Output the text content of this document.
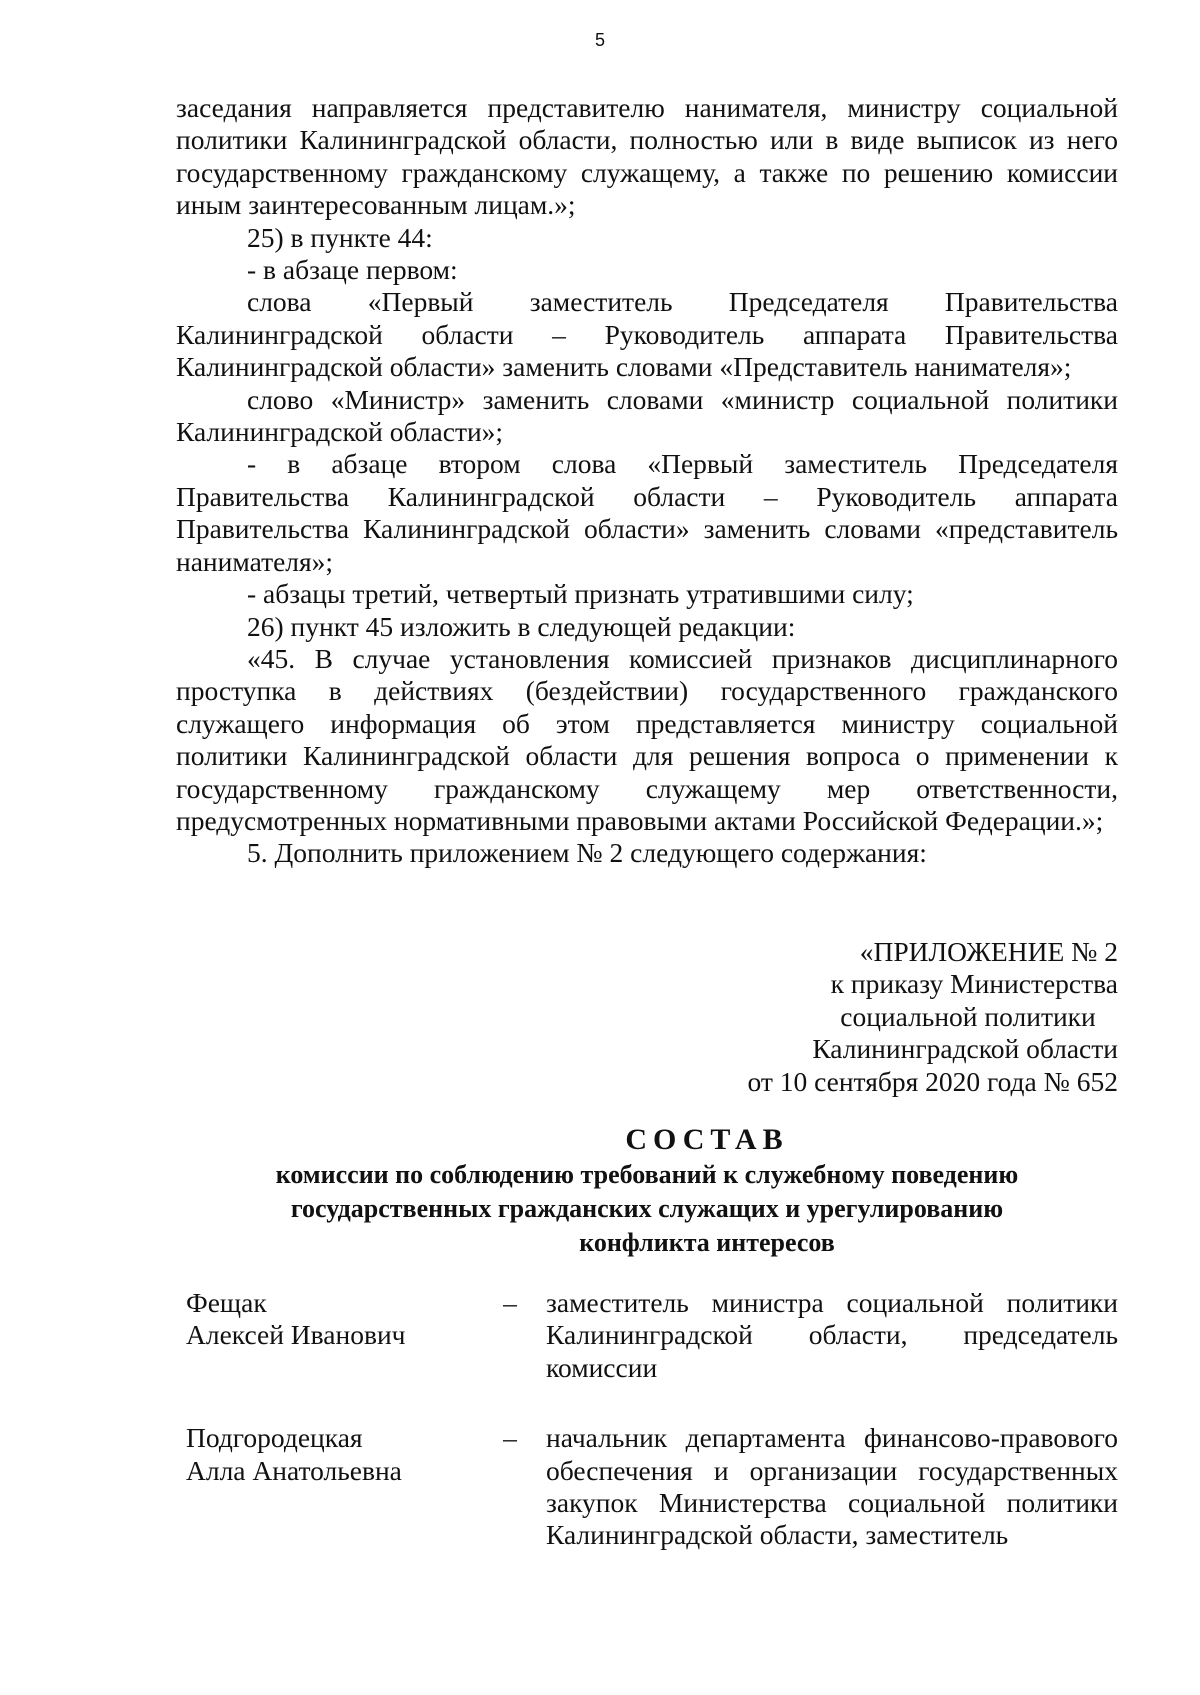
5

заседания направляется представителю нанимателя, министру социальной политики Калининградской области, полностью или в виде выписок из него государственному гражданскому служащему, а также по решению комиссии иным заинтересованным лицам.»;

25) в пункте 44:

- в абзаце первом:

слова «Первый заместитель Председателя Правительства Калининградской области – Руководитель аппарата Правительства Калининградской области» заменить словами «Представитель нанимателя»;

слово «Министр» заменить словами «министр социальной политики Калининградской области»;

- в абзаце втором слова «Первый заместитель Председателя Правительства Калининградской области – Руководитель аппарата Правительства Калининградской области» заменить словами «представитель нанимателя»;

- абзацы третий, четвертый признать утратившими силу;

26) пункт 45 изложить в следующей редакции:

«45. В случае установления комиссией признаков дисциплинарного проступка в действиях (бездействии) государственного гражданского служащего информация об этом представляется министру социальной политики Калининградской области для решения вопроса о применении к государственному гражданскому служащему мер ответственности, предусмотренных нормативными правовыми актами Российской Федерации.»;

5. Дополнить приложением № 2 следующего содержания:

«ПРИЛОЖЕНИЕ № 2
к приказу Министерства
социальной политики
Калининградской области
от 10 сентября 2020 года № 652
СОСТАВ
комиссии по соблюдению требований к служебному поведению
государственных гражданских служащих и урегулированию
конфликта интересов
Фещак
Алексей Иванович
–	заместитель министра социальной политики Калининградской области, председатель комиссии
Подгородецкая
Алла Анатольевна
–	начальник департамента финансово-правового обеспечения и организации государственных закупок Министерства социальной политики Калининградской области, заместитель
